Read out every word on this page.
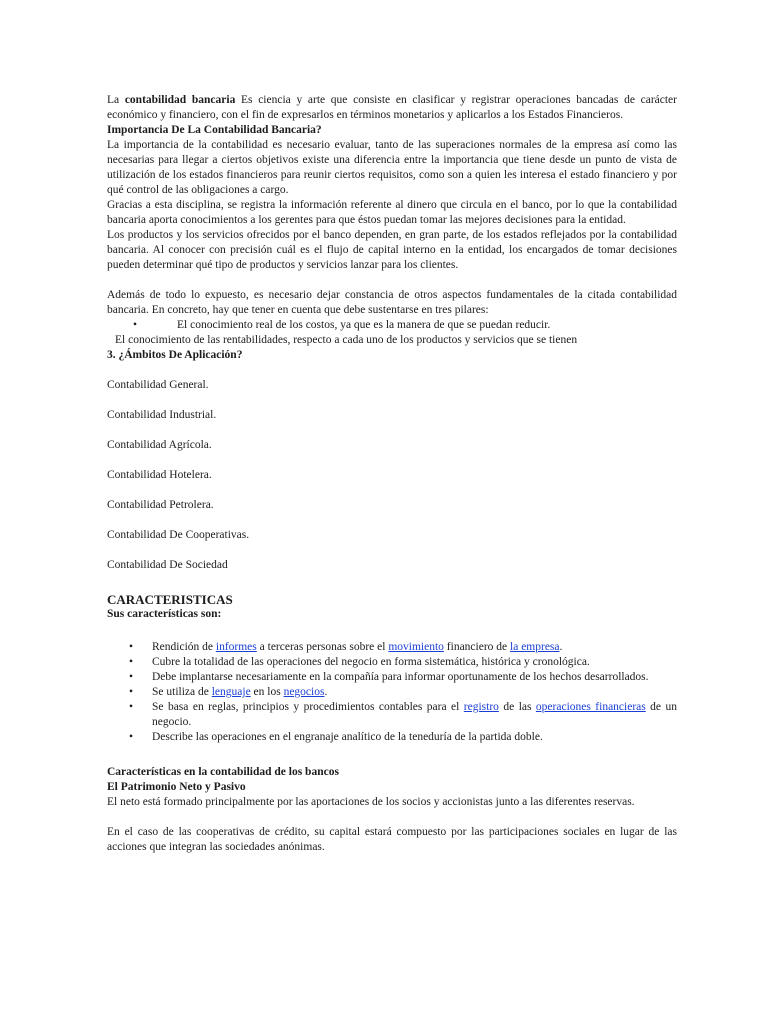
La contabilidad bancaria Es ciencia y arte que consiste en clasificar y registrar operaciones bancadas de carácter económico y financiero, con el fin de expresarlos en términos monetarios y aplicarlos a los Estados Financieros.

Importancia De La Contabilidad Bancaria?

La importancia de la contabilidad es necesario evaluar, tanto de las superaciones normales de la empresa así como las necesarias para llegar a ciertos objetivos existe una diferencia entre la importancia que tiene desde un punto de vista de utilización de los estados financieros para reunir ciertos requisitos, como son a quien les interesa el estado financiero y por qué control de las obligaciones a cargo.

Gracias a esta disciplina, se registra la información referente al dinero que circula en el banco, por lo que la contabilidad bancaria aporta conocimientos a los gerentes para que éstos puedan tomar las mejores decisiones para la entidad.

Los productos y los servicios ofrecidos por el banco dependen, en gran parte, de los estados reflejados por la contabilidad bancaria. Al conocer con precisión cuál es el flujo de capital interno en la entidad, los encargados de tomar decisiones pueden determinar qué tipo de productos y servicios lanzar para los clientes.

Además de todo lo expuesto, es necesario dejar constancia de otros aspectos fundamentales de la citada contabilidad bancaria. En concreto, hay que tener en cuenta que debe sustentarse en tres pilares:

• El conocimiento real de los costos, ya que es la manera de que se puedan reducir.

El conocimiento de las rentabilidades, respecto a cada uno de los productos y servicios que se tienen

3. ¿Ámbitos De Aplicación?

Contabilidad General.

Contabilidad Industrial.

Contabilidad Agrícola.

Contabilidad Hotelera.

Contabilidad Petrolera.

Contabilidad De Cooperativas.

Contabilidad De Sociedad

CARACTERISTICAS

Sus características son:

• Rendición de informes a terceras personas sobre el movimiento financiero de la empresa.
• Cubre la totalidad de las operaciones del negocio en forma sistemática, histórica y cronológica.
• Debe implantarse necesariamente en la compañía para informar oportunamente de los hechos desarrollados.
• Se utiliza de lenguaje en los negocios.
• Se basa en reglas, principios y procedimientos contables para el registro de las operaciones financieras de un negocio.
• Describe las operaciones en el engranaje analítico de la teneduría de la partida doble.

Características en la contabilidad de los bancos

El Patrimonio Neto y Pasivo

El neto está formado principalmente por las aportaciones de los socios y accionistas junto a las diferentes reservas.

En el caso de las cooperativas de crédito, su capital estará compuesto por las participaciones sociales en lugar de las acciones que integran las sociedades anónimas.
